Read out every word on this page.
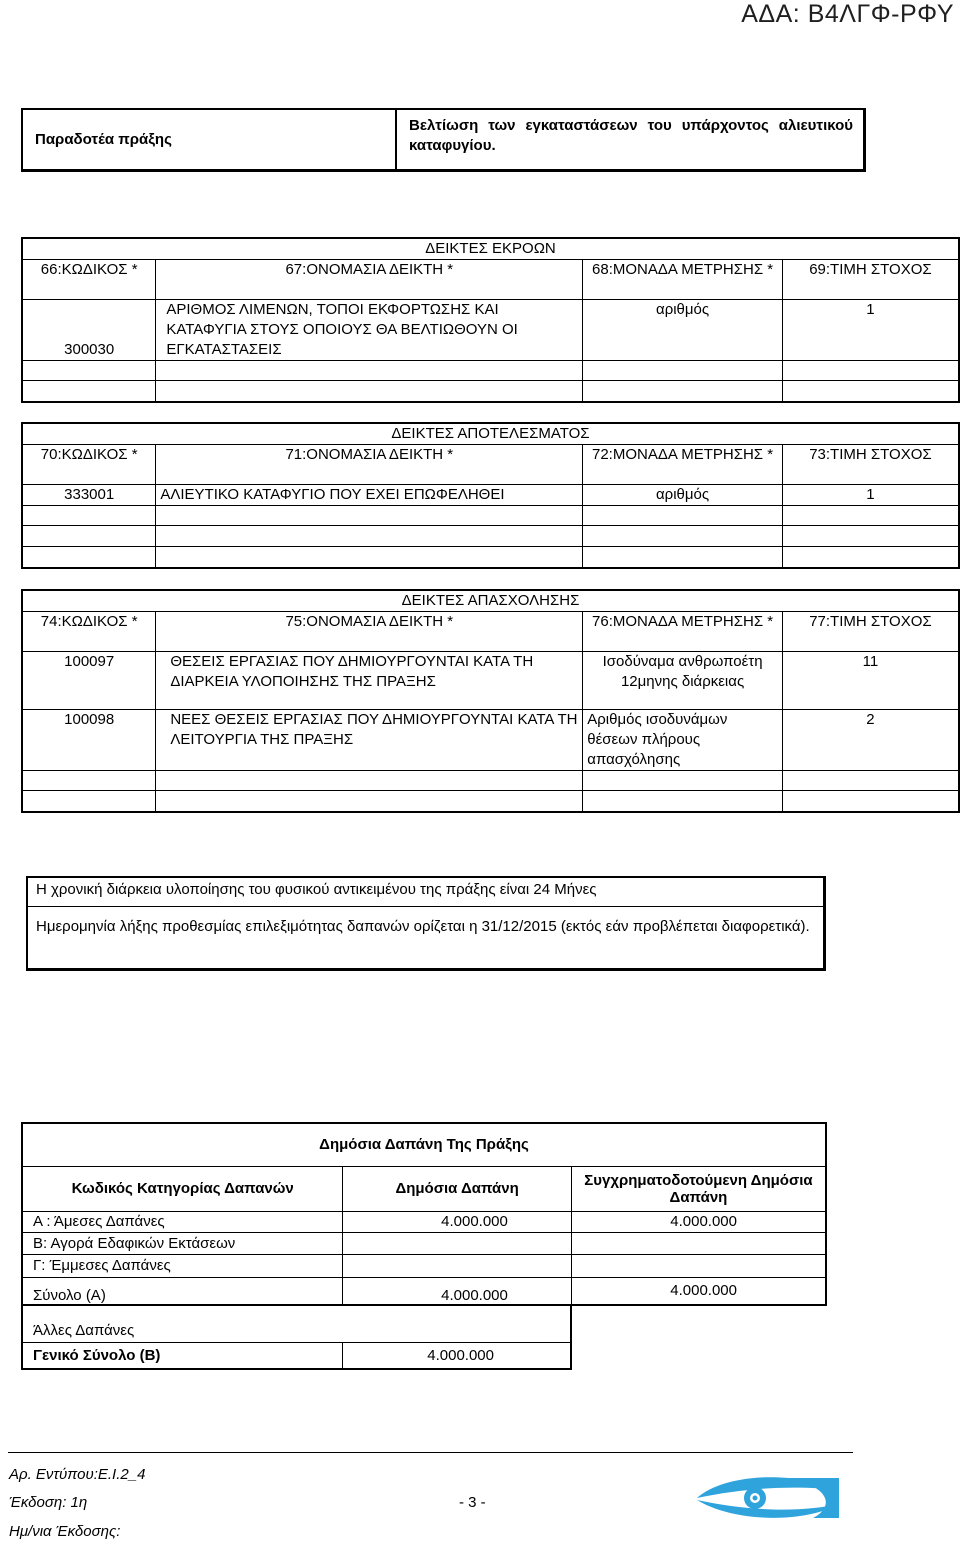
ΑΔΑ: Β4ΛΓΦ-ΡΦΥ
Παραδοτέα πράξης
Βελτίωση των εγκαταστάσεων του υπάρχοντος αλιευτικού καταφυγίου.
ΔΕΙΚΤΕΣ ΕΚΡΟΩΝ			
66:ΚΩΔΙΚΟΣ *	67:ΟΝΟΜΑΣΙΑ ΔΕΙΚΤΗ *	68:ΜΟΝΑΔΑ ΜΕΤΡΗΣΗΣ *	69:ΤΙΜΗ ΣΤΟΧΟΣ
300030	ΑΡΙΘΜΟΣ ΛΙΜΕΝΩΝ, ΤΟΠΟΙ ΕΚΦΟΡΤΩΣΗΣ ΚΑΙ ΚΑΤΑΦΥΓΙΑ ΣΤΟΥΣ ΟΠΟΙΟΥΣ ΘΑ ΒΕΛΤΙΩΘΟΥΝ ΟΙ ΕΓΚΑΤΑΣΤΑΣΕΙΣ	αριθμός	1

ΔΕΙΚΤΕΣ ΑΠΟΤΕΛΕΣΜΑΤΟΣ			
70:ΚΩΔΙΚΟΣ *	71:ΟΝΟΜΑΣΙΑ ΔΕΙΚΤΗ *	72:ΜΟΝΑΔΑ ΜΕΤΡΗΣΗΣ *	73:ΤΙΜΗ ΣΤΟΧΟΣ
333001	ΑΛΙΕΥΤΙΚΟ ΚΑΤΑΦΥΓΙΟ ΠΟΥ ΕΧΕΙ ΕΠΩΦΕΛΗΘΕΙ	αριθμός	1

ΔΕΙΚΤΕΣ ΑΠΑΣΧΟΛΗΣΗΣ			
74:ΚΩΔΙΚΟΣ *	75:ΟΝΟΜΑΣΙΑ ΔΕΙΚΤΗ *	76:ΜΟΝΑΔΑ ΜΕΤΡΗΣΗΣ *	77:ΤΙΜΗ ΣΤΟΧΟΣ
100097	ΘΕΣΕΙΣ ΕΡΓΑΣΙΑΣ ΠΟΥ ΔΗΜΙΟΥΡΓΟΥΝΤΑΙ ΚΑΤΑ ΤΗ ΔΙΑΡΚΕΙΑ ΥΛΟΠΟΙΗΣΗΣ ΤΗΣ ΠΡΑΞΗΣ	Ισοδύναμα ανθρωποέτη 12μηνης διάρκειας	11
100098	ΝΕΕΣ ΘΕΣΕΙΣ ΕΡΓΑΣΙΑΣ ΠΟΥ ΔΗΜΙΟΥΡΓΟΥΝΤΑΙ ΚΑΤΑ ΤΗ ΛΕΙΤΟΥΡΓΙΑ ΤΗΣ ΠΡΑΞΗΣ	Αριθμός ισοδυνάμων θέσεων πλήρους απασχόλησης	2

Η χρονική διάρκεια υλοποίησης του φυσικού αντικειμένου της πράξης είναι 24 Μήνες
Ημερομηνία λήξης προθεσμίας επιλεξιμότητας δαπανών ορίζεται η 31/12/2015 (εκτός εάν προβλέπεται διαφορετικά).
Δημόσια Δαπάνη Της Πράξης		
Κωδικός Κατηγορίας Δαπανών	Δημόσια Δαπάνη	Συγχρηματοδοτούμενη Δημόσια Δαπάνη
Α : Άμεσες Δαπάνες	4.000.000	4.000.000
Β: Αγορά Εδαφικών Εκτάσεων		
Γ: Έμμεσες Δαπάνες		
Σύνολο (Α)	4.000.000	4.000.000
Άλλες Δαπάνες
Γενικό Σύνολο (Β)	4.000.000
Αρ. Εντύπου:Ε.Ι.2_4
Έκδοση: 1η	- 3 -
Ημ/νια Έκδοσης:
